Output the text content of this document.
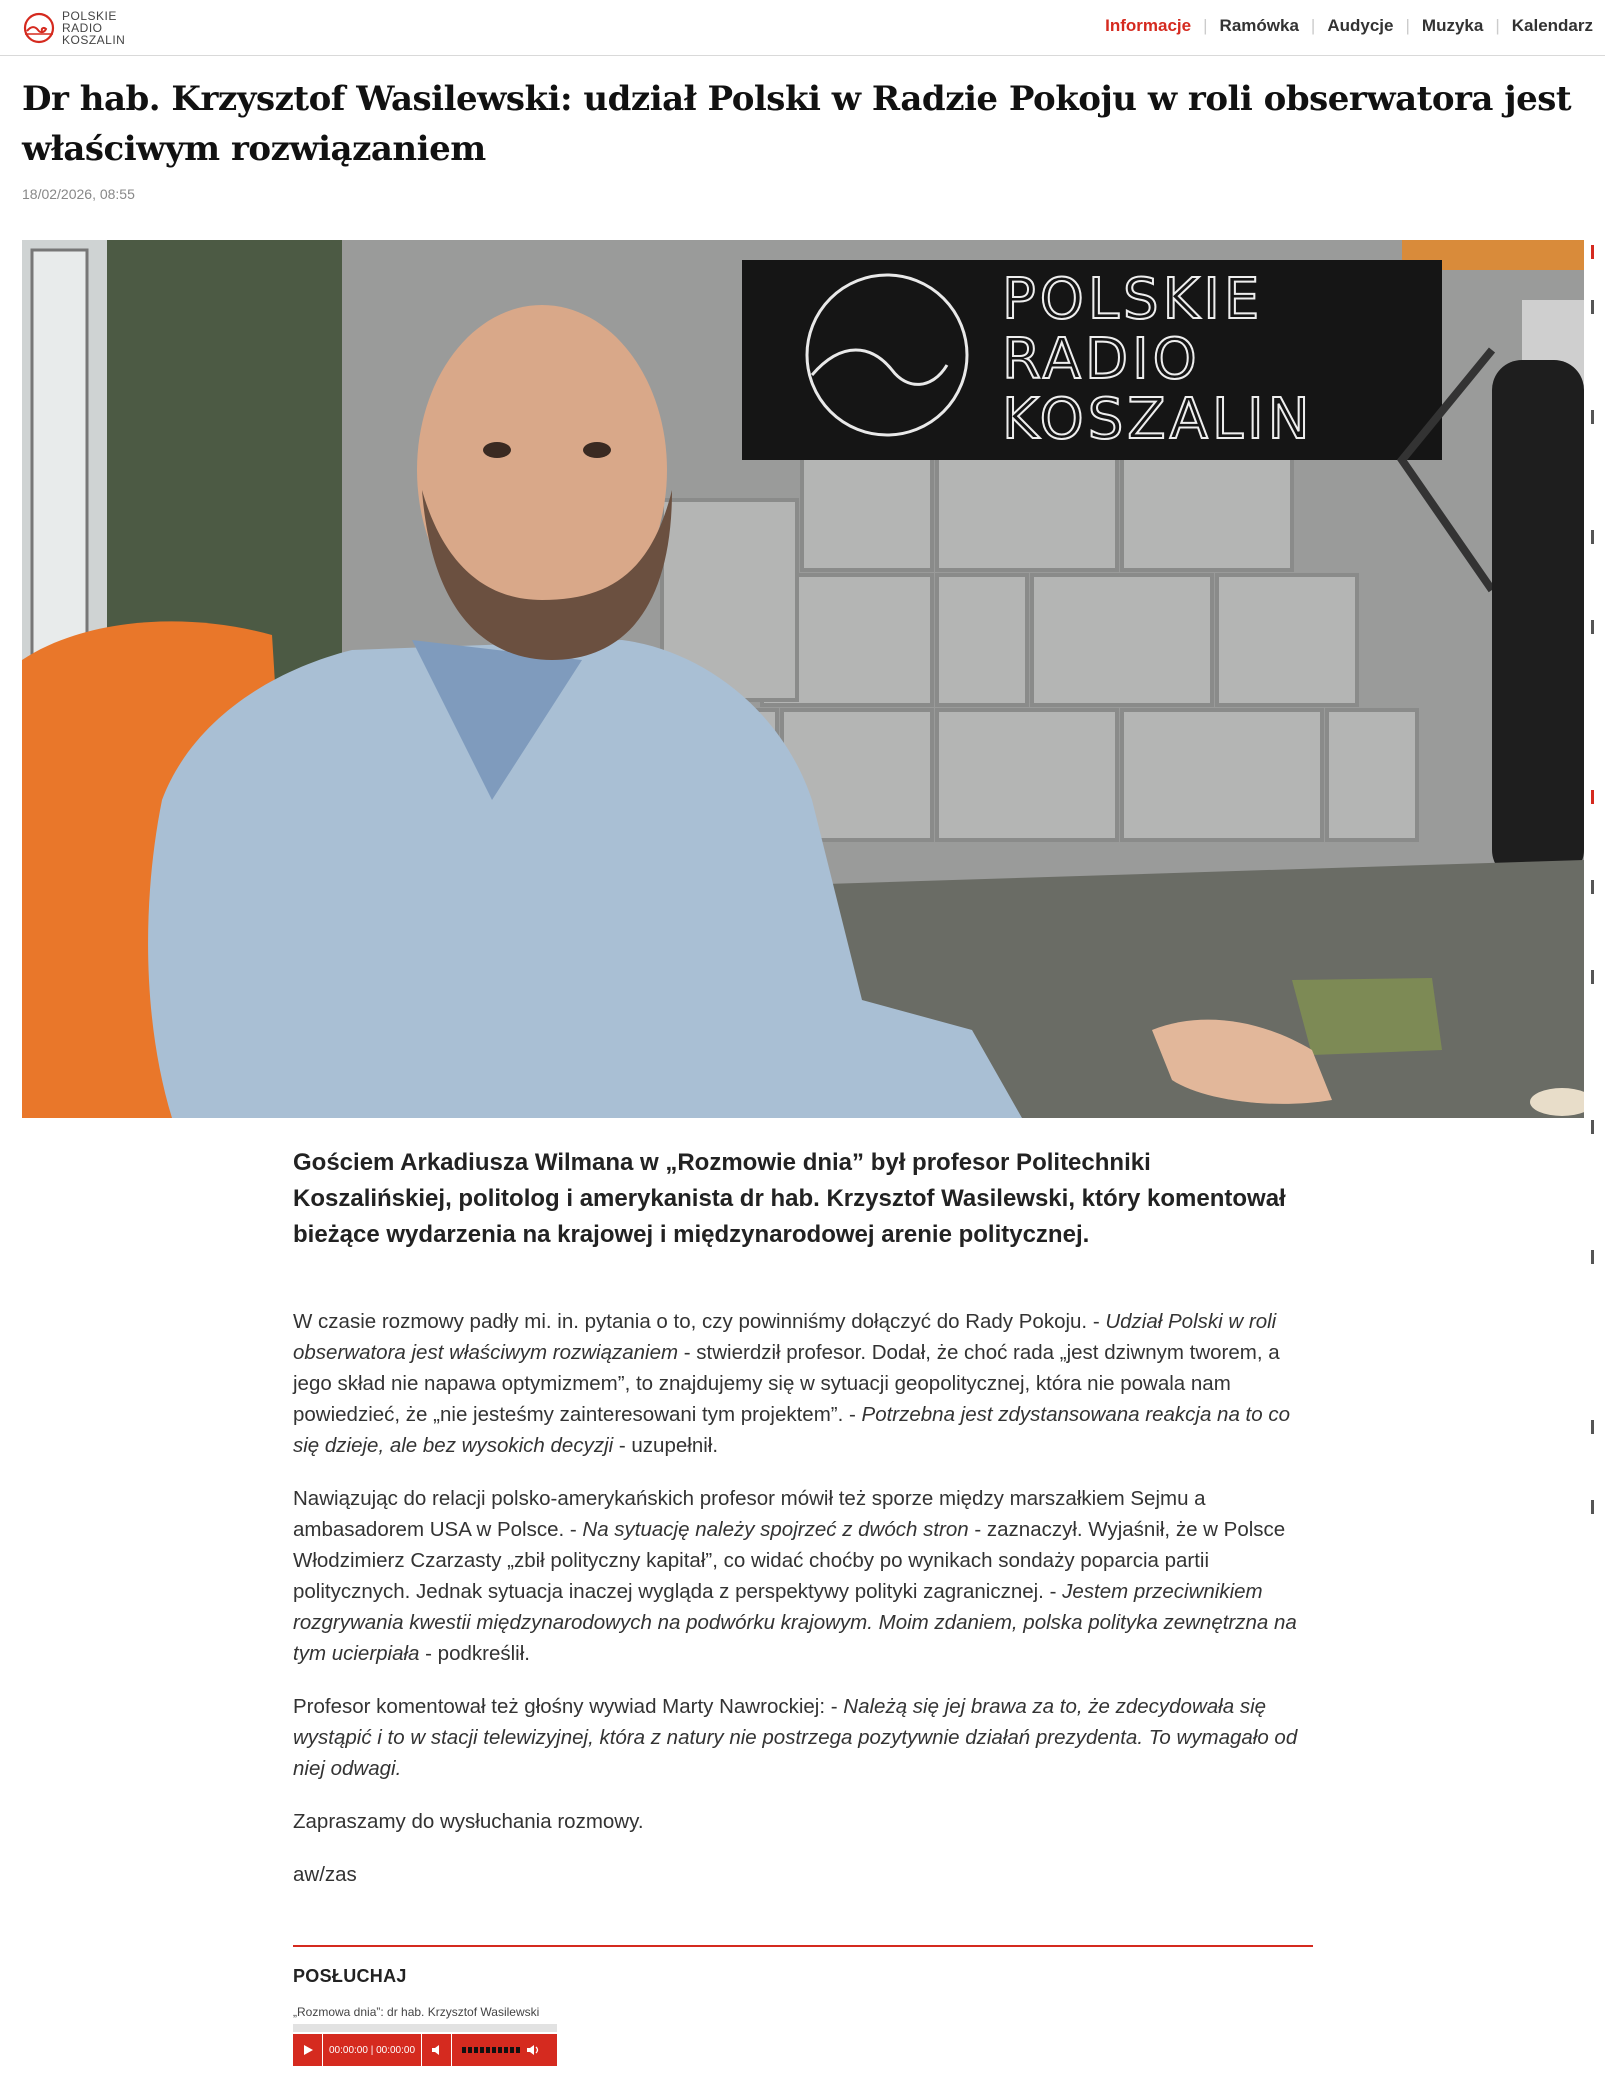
POLSKIE
RADIO
KOSZALIN
Informacje | Ramówka | Audycje | Muzyka | Kalendarz
Dr hab. Krzysztof Wasilewski: udział Polski w Radzie Pokoju w roli obserwatora jest właściwym rozwiązaniem
18/02/2026, 08:55
POLSKIE
RADIO
KOSZALIN
Gościem Arkadiusza Wilmana w „Rozmowie dnia” był profesor Politechniki Koszalińskiej, politolog i amerykanista dr hab. Krzysztof Wasilewski, który komentował bieżące wydarzenia na krajowej i międzynarodowej arenie politycznej.

W czasie rozmowy padły mi. in. pytania o to, czy powinniśmy dołączyć do Rady Pokoju. - Udział Polski w roli obserwatora jest właściwym rozwiązaniem - stwierdził profesor. Dodał, że choć rada „jest dziwnym tworem, a jego skład nie napawa optymizmem”, to znajdujemy się w sytuacji geopolitycznej, która nie powala nam powiedzieć, że „nie jesteśmy zainteresowani tym projektem”. - Potrzebna jest zdystansowana reakcja na to co się dzieje, ale bez wysokich decyzji - uzupełnił.

Nawiązując do relacji polsko-amerykańskich profesor mówił też sporze między marszałkiem Sejmu a ambasadorem USA w Polsce. - Na sytuację należy spojrzeć z dwóch stron - zaznaczył. Wyjaśnił, że w Polsce Włodzimierz Czarzasty „zbił polityczny kapitał”, co widać choćby po wynikach sondaży poparcia partii politycznych. Jednak sytuacja inaczej wygląda z perspektywy polityki zagranicznej. - Jestem przeciwnikiem rozgrywania kwestii międzynarodowych na podwórku krajowym. Moim zdaniem, polska polityka zewnętrzna na tym ucierpiała - podkreślił.

Profesor komentował też głośny wywiad Marty Nawrockiej: - Należą się jej brawa za to, że zdecydowała się wystąpić i to w stacji telewizyjnej, która z natury nie postrzega pozytywnie działań prezydenta. To wymagało od niej odwagi.

Zapraszamy do wysłuchania rozmowy.

aw/zas

POSŁUCHAJ
„Rozmowa dnia”: dr hab. Krzysztof Wasilewski
00:00:00 | 00:00:00
